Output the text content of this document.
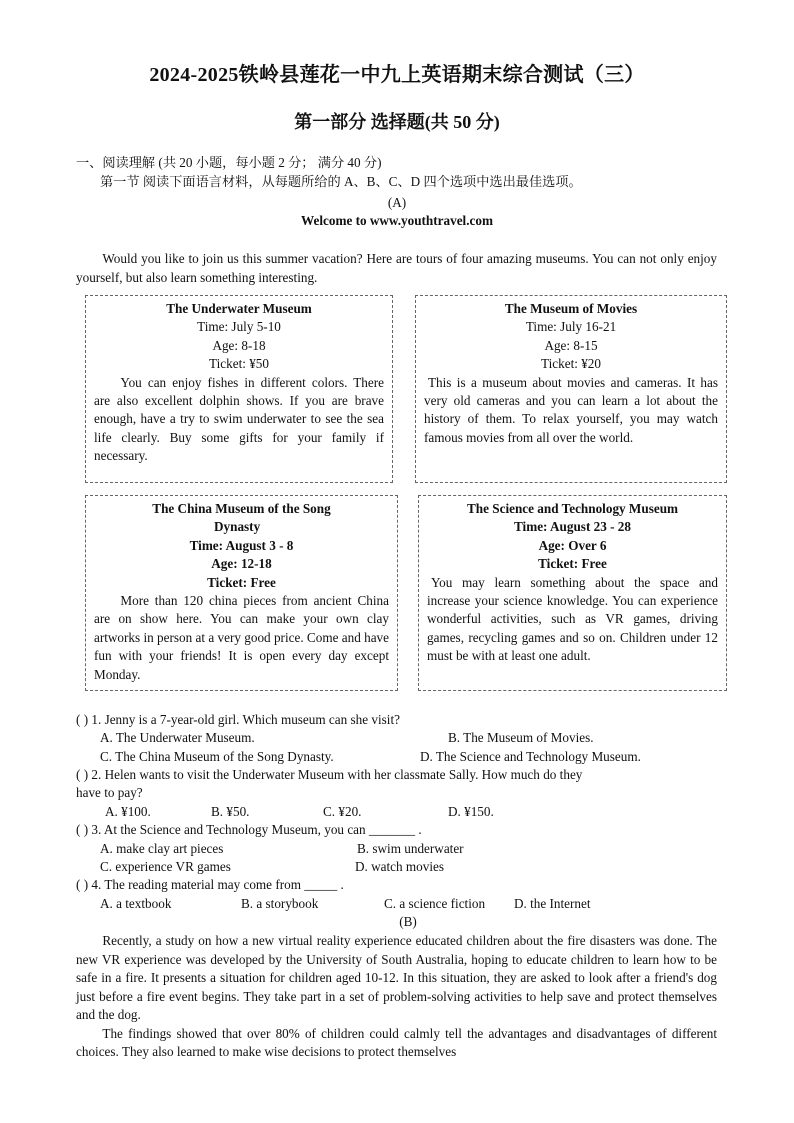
2024-2025铁岭县莲花一中九上英语期末综合测试（三）
第一部分 选择题(共 50 分)
一、阅读理解 (共 20 小题，每小题 2 分； 满分 40 分)
第一节 阅读下面语言材料，从每题所给的 A、B、C、D 四个选项中选出最佳选项。
(A)
Welcome to www.youthtravel.com

Would you like to join us this summer vacation? Here are tours of four amazing museums. You can not only enjoy yourself, but also learn something interesting.

The Underwater Museum
Time: July 5-10
Age: 8-18
Ticket: ¥50
You can enjoy fishes in different colors. There are also excellent dolphin shows. If you are brave enough, have a try to swim underwater to see the sea life clearly. Buy some gifts for your family if necessary.
The Museum of Movies
Time: July 16-21
Age: 8-15
Ticket: ¥20
This is a museum about movies and cameras. It has very old cameras and you can learn a lot about the history of them. To relax yourself, you may watch famous movies from all over the world.
The China Museum of the Song
Dynasty
Time: August 3 - 8
Age: 12-18
Ticket: Free
More than 120 china pieces from ancient China are on show here. You can make your own clay artworks in person at a very good price. Come and have fun with your friends! It is open every day except Monday.
The Science and Technology Museum
Time: August 23 - 28
Age: Over 6
Ticket: Free
You may learn something about the space and increase your science knowledge. You can experience wonderful activities, such as VR games, driving games, recycling games and so on. Children under 12 must be with at least one adult.
( ) 1. Jenny is a 7-year-old girl. Which museum can she visit?
A. The Underwater Museum.	B. The Museum of Movies.
C. The China Museum of the Song Dynasty.	D. The Science and Technology Museum.
( ) 2. Helen wants to visit the Underwater Museum with her classmate Sally. How much do they
have to pay?
A. ¥100.	B. ¥50.	C. ¥20.	D. ¥150.
( ) 3. At the Science and Technology Museum, you can _______ .
A. make clay art pieces	B. swim underwater
C. experience VR games	D. watch movies
( ) 4. The reading material may come from _____ .
A. a textbook	B. a storybook	C. a science fiction D. the Internet
(B)

Recently, a study on how a new virtual reality experience educated children about the fire disasters was done. The new VR experience was developed by the University of South Australia, hoping to educate children to learn how to be safe in a fire. It presents a situation for children aged 10-12. In this situation, they are asked to look after a friend's dog just before a fire event begins. They take part in a set of problem-solving activities to help save and protect themselves and the dog.

The findings showed that over 80% of children could calmly tell the advantages and disadvantages of different choices. They also learned to make wise decisions to protect themselves
